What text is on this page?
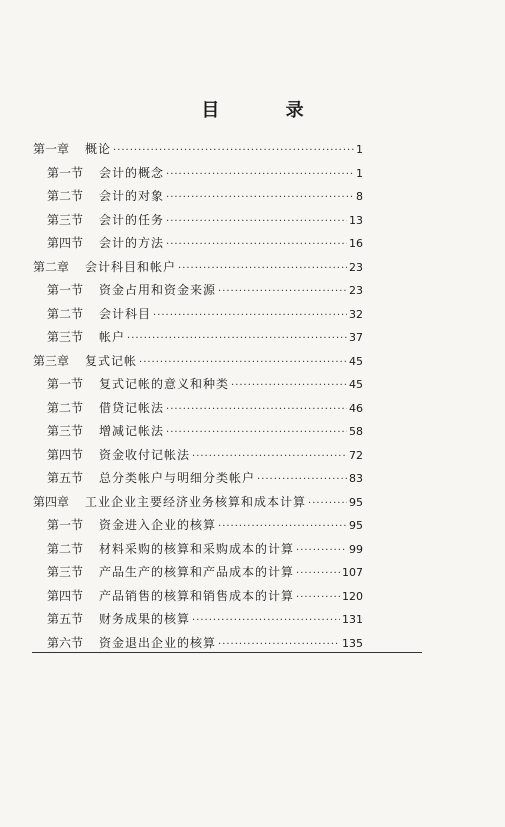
目 录
第一章	概论 ·····	1
第一节	会计的概念 ·····	1
第二节	会计的对象 ·····	8
第三节	会计的任务 ·····	13
第四节	会计的方法 ·····	16
第二章	会计科目和帐户 ·····	23
第一节	资金占用和资金来源 ·····	23
第二节	会计科目 ·····	32
第三节	帐户 ·····	37
第三章	复式记帐 ·····	45
第一节	复式记帐的意义和种类 ·····	45
第二节	借贷记帐法 ·····	46
第三节	增减记帐法 ·····	58
第四节	资金收付记帐法 ·····	72
第五节	总分类帐户与明细分类帐户 ·····	83
第四章	工业企业主要经济业务核算和成本计算 ·····	95
第一节	资金进入企业的核算 ·····	95
第二节	材料采购的核算和采购成本的计算 ·····	99
第三节	产品生产的核算和产品成本的计算 ·····	107
第四节	产品销售的核算和销售成本的计算 ·····	120
第五节	财务成果的核算 ·····	131
第六节	资金退出企业的核算 ·····	135
